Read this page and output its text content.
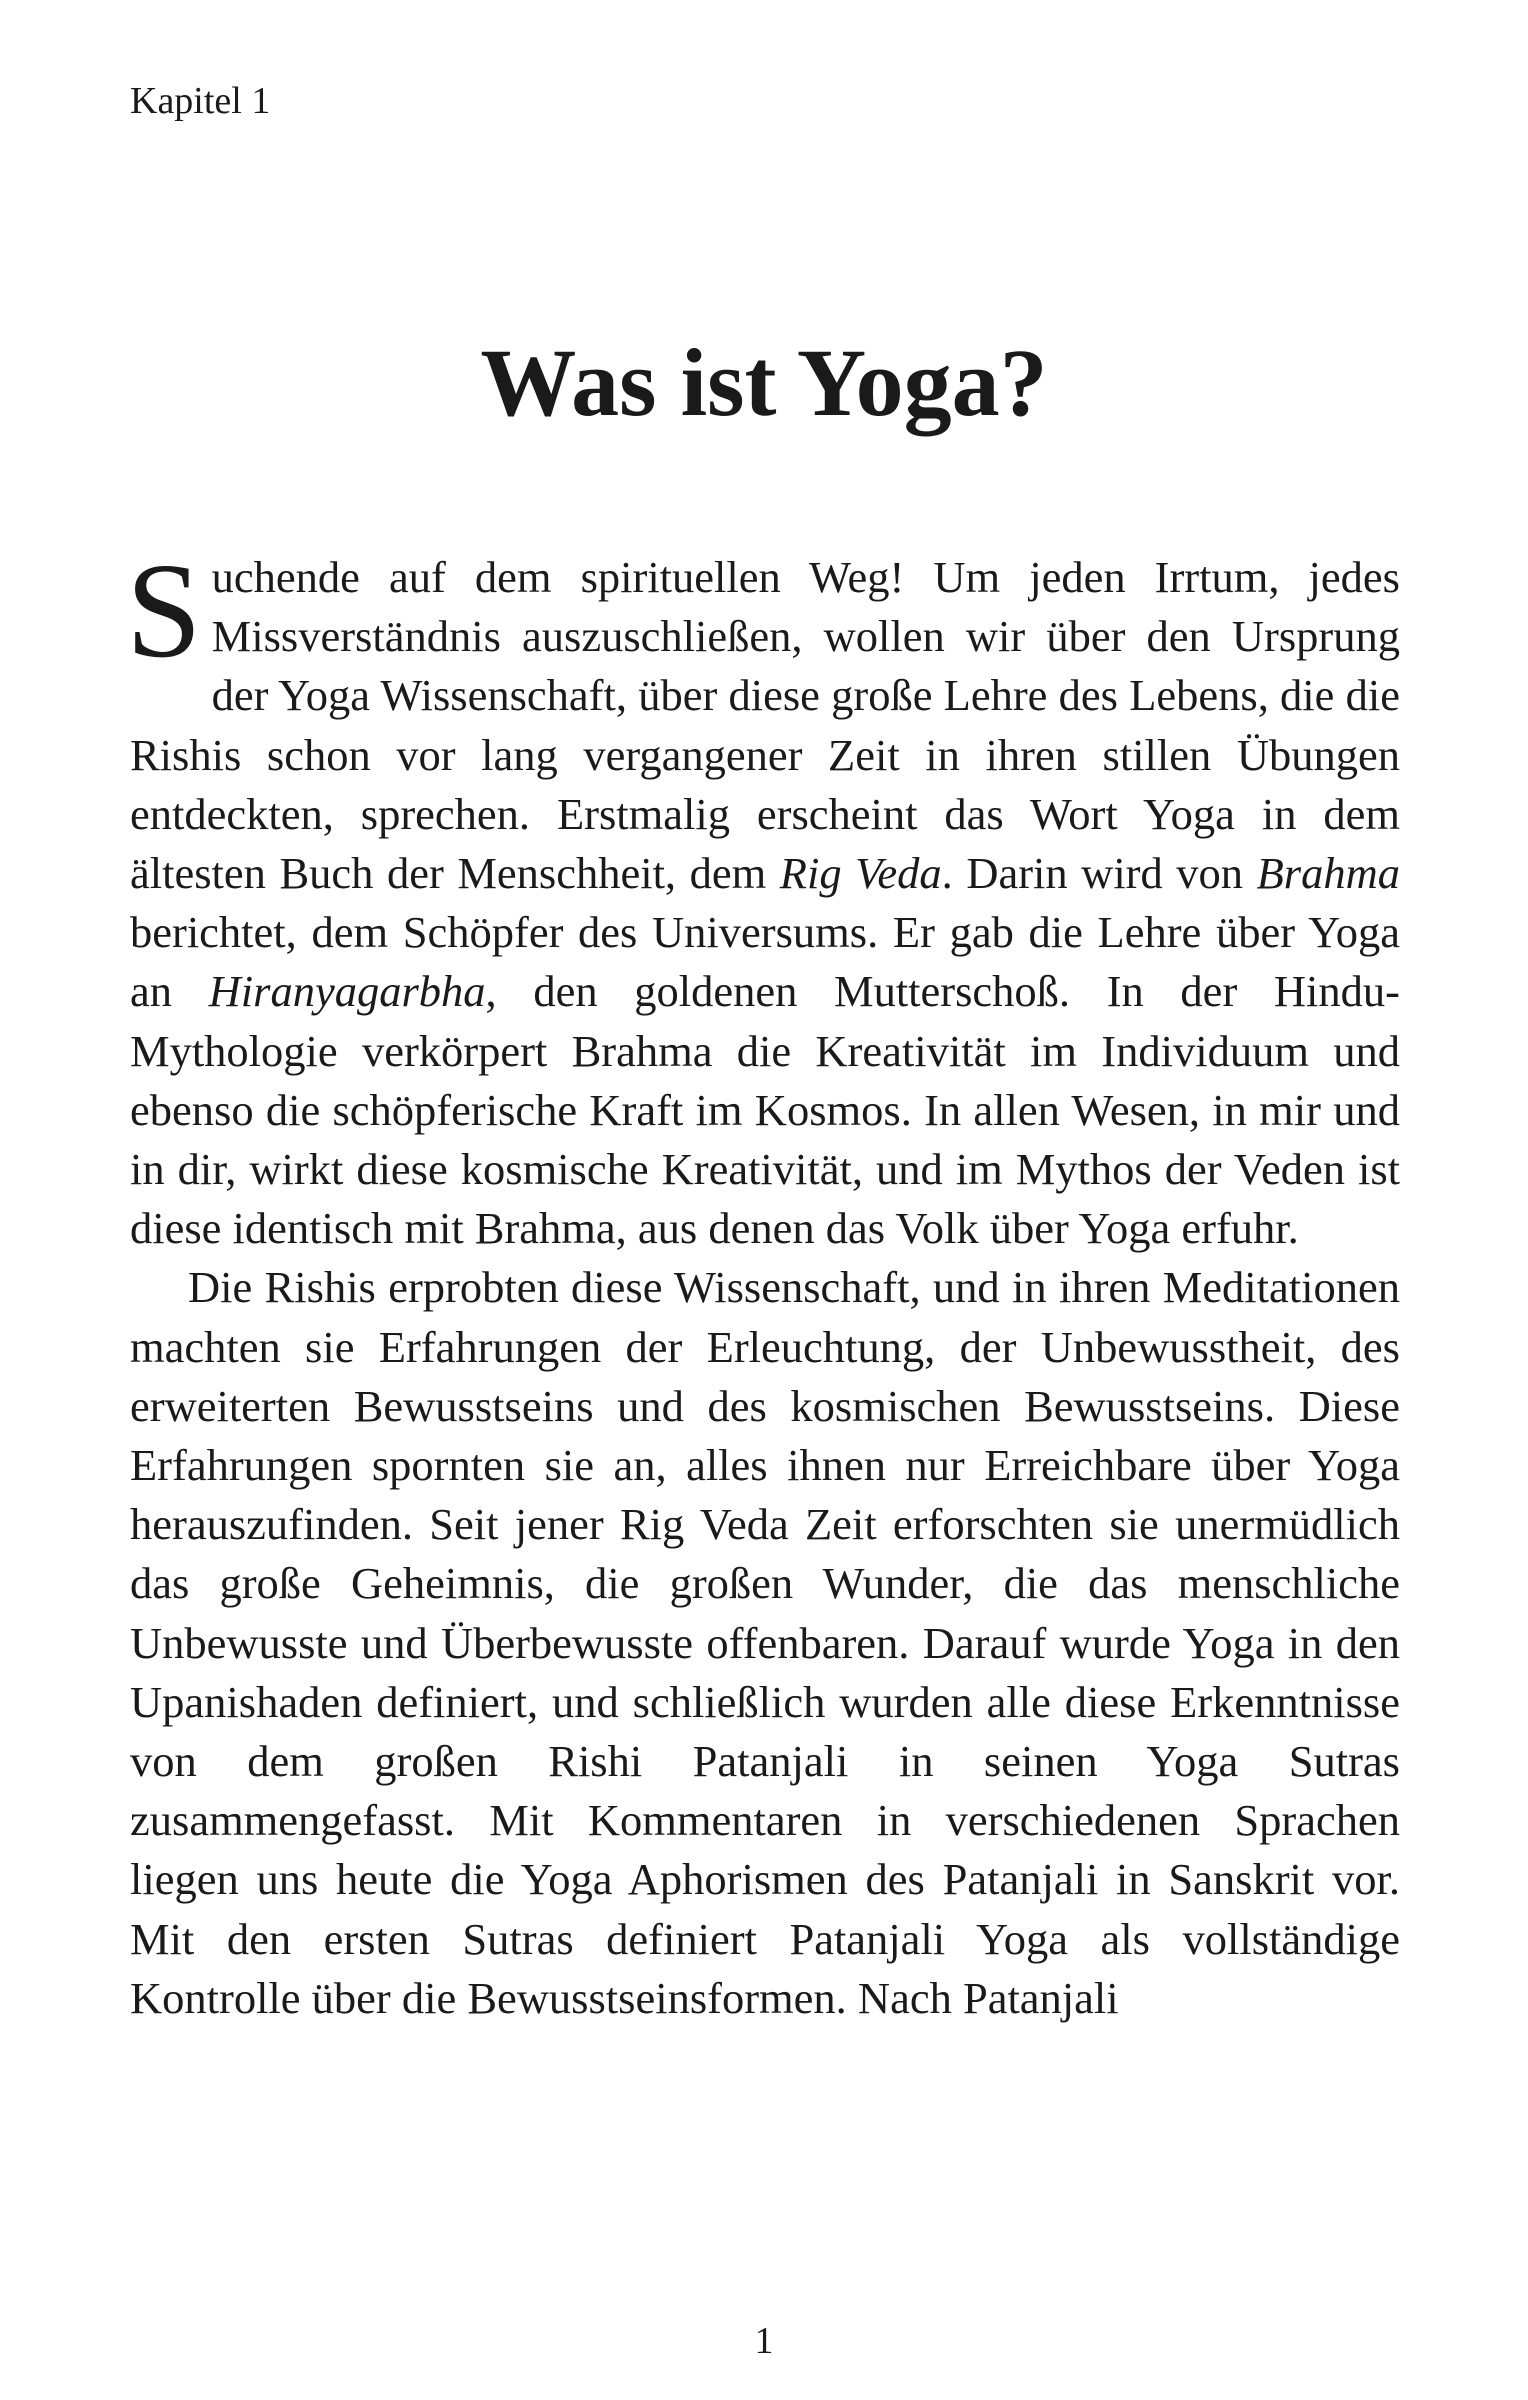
Kapitel 1
Was ist Yoga?

Suchende auf dem spirituellen Weg! Um jeden Irrtum, jedes Missverständnis auszuschließen, wollen wir über den Ursprung der Yoga Wissenschaft, über diese große Lehre des Lebens, die die Rishis schon vor lang vergangener Zeit in ihren stillen Übungen entdeckten, sprechen. Erstmalig erscheint das Wort Yoga in dem ältesten Buch der Menschheit, dem Rig Veda. Darin wird von Brahma berichtet, dem Schöpfer des Universums. Er gab die Lehre über Yoga an Hiranyagarbha, den goldenen Mutterschoß. In der Hindu-Mythologie verkörpert Brahma die Kreativität im Individuum und ebenso die schöpferische Kraft im Kosmos. In allen Wesen, in mir und in dir, wirkt diese kosmische Kreativität, und im Mythos der Veden ist diese identisch mit Brahma, aus denen das Volk über Yoga erfuhr.

Die Rishis erprobten diese Wissenschaft, und in ihren Meditationen machten sie Erfahrungen der Erleuchtung, der Unbewusstheit, des erweiterten Bewusstseins und des kosmischen Bewusstseins. Diese Erfahrungen spornten sie an, alles ihnen nur Erreichbare über Yoga herauszufinden. Seit jener Rig Veda Zeit erforschten sie unermüdlich das große Geheimnis, die großen Wunder, die das menschliche Unbewusste und Überbewusste offenbaren. Darauf wurde Yoga in den Upanishaden definiert, und schließlich wurden alle diese Erkenntnisse von dem großen Rishi Patanjali in seinen Yoga Sutras zusammengefasst. Mit Kommentaren in verschiedenen Sprachen liegen uns heute die Yoga Aphorismen des Patanjali in Sanskrit vor. Mit den ersten Sutras definiert Patanjali Yoga als vollständige Kontrolle über die Bewusstseinsformen. Nach Patanjali

1
